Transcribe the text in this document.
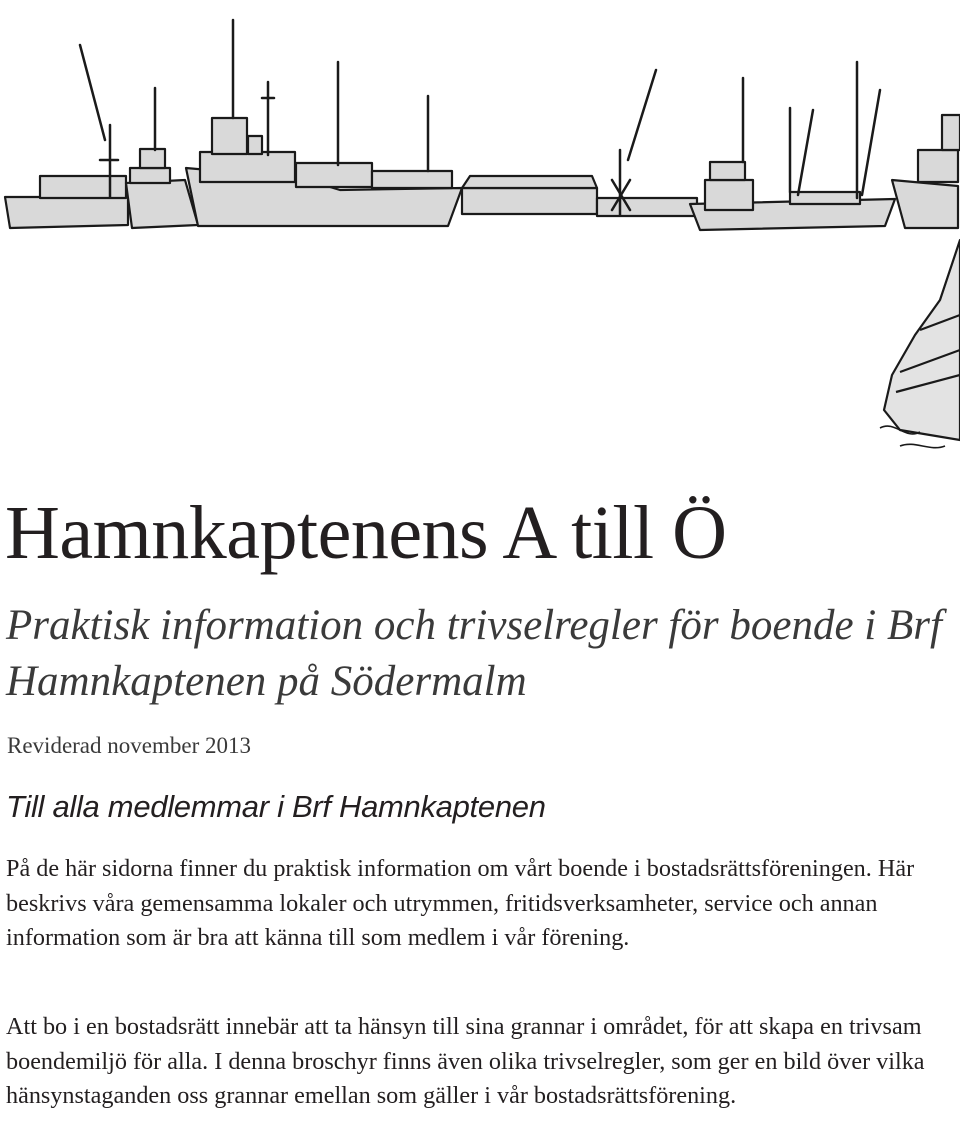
Hamnkaptenens A till Ö

Praktisk information och trivselregler för boende i Brf Hamnkaptenen på Södermalm

Reviderad november 2013

Till alla medlemmar i Brf Hamnkaptenen

På de här sidorna finner du praktisk information om vårt boende i bostadsrättsföreningen. Här beskrivs våra gemensamma lokaler och utrymmen, fritidsverksamheter, service och annan information som är bra att känna till som medlem i vår förening.

Att bo i en bostadsrätt innebär att ta hänsyn till sina grannar i området, för att skapa en trivsam boendemiljö för alla. I denna broschyr finns även olika trivselregler, som ger en bild över vilka hänsynstaganden oss grannar emellan som gäller i vår bostadsrättsförening.
